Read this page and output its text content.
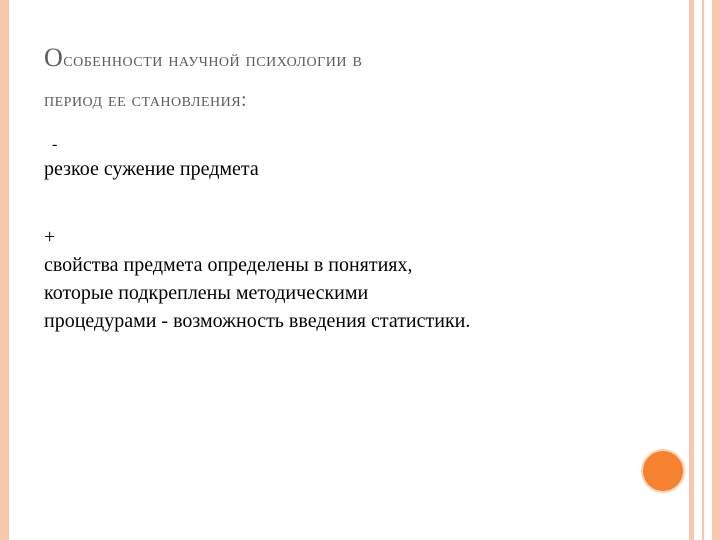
Особенности научной психологии в
период ее становления:

-

резкое сужение предмета

+

свойства предмета определены в понятиях,

которые подкреплены методическими

процедурами - возможность введения статистики.
